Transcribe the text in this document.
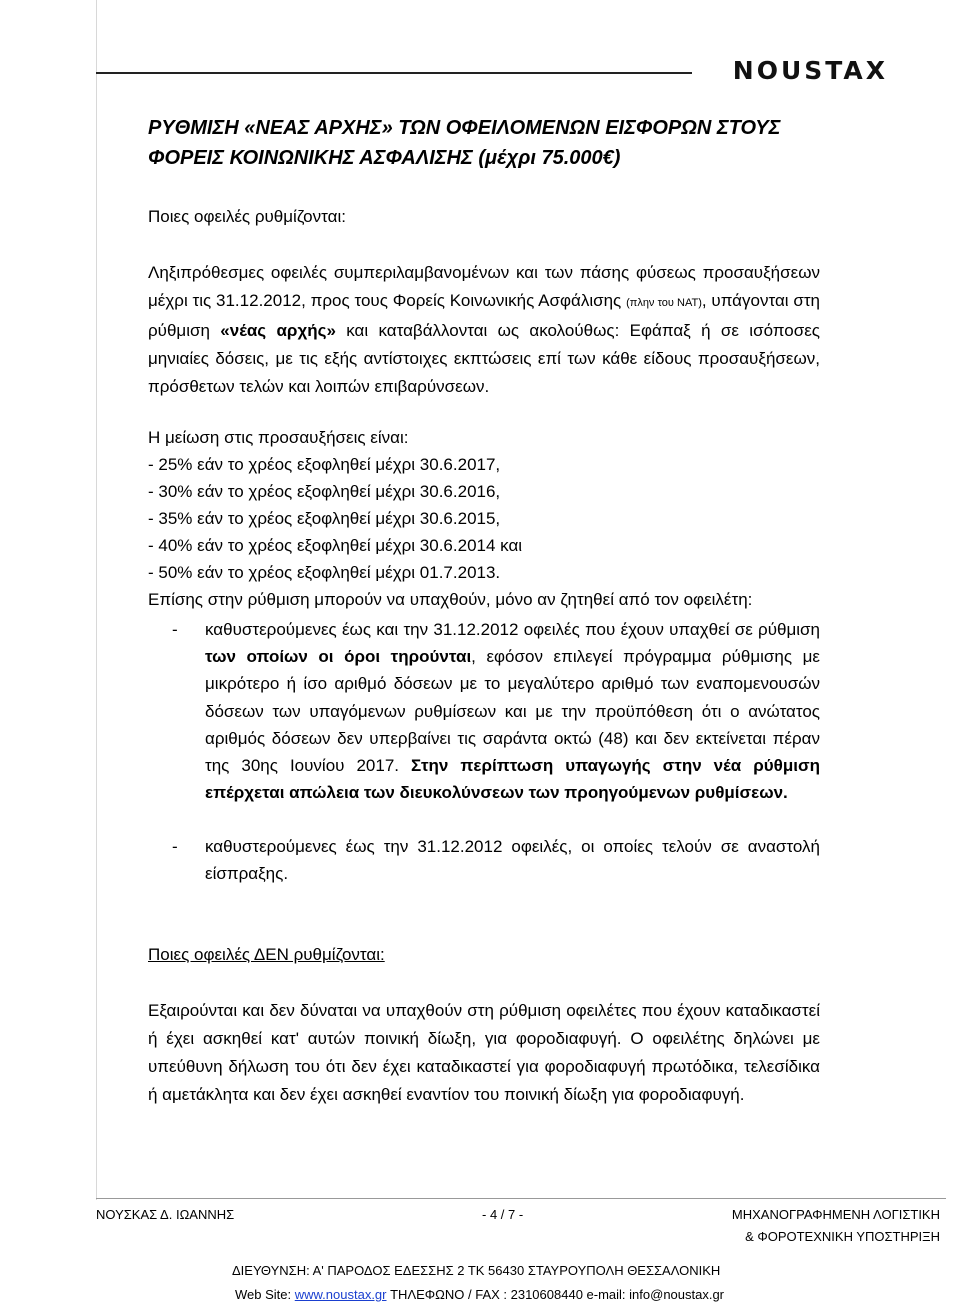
NOUSTAX
ΡΥΘΜΙΣΗ «ΝΕΑΣ ΑΡΧΗΣ» ΤΩΝ ΟΦΕΙΛΟΜΕΝΩΝ ΕΙΣΦΟΡΩΝ ΣΤΟΥΣ
ΦΟΡΕΙΣ ΚΟΙΝΩΝΙΚΗΣ ΑΣΦΑΛΙΣΗΣ (μέχρι 75.000€)
Ποιες οφειλές ρυθμίζονται:
Ληξιπρόθεσμες οφειλές συμπεριλαμβανομένων και των πάσης φύσεως προσαυξήσεων μέχρι τις 31.12.2012, προς τους Φορείς Κοινωνικής Ασφάλισης (πλην του ΝΑΤ), υπάγονται στη ρύθμιση «νέας αρχής» και καταβάλλονται ως ακολούθως: Εφάπαξ ή σε ισόποσες μηνιαίες δόσεις, με τις εξής αντίστοιχες εκπτώσεις επί των κάθε είδους προσαυξήσεων, πρόσθετων τελών και λοιπών επιβαρύνσεων.
Η μείωση στις προσαυξήσεις είναι:
- 25% εάν το χρέος εξοφληθεί μέχρι 30.6.2017,
- 30% εάν το χρέος εξοφληθεί μέχρι 30.6.2016,
- 35% εάν το χρέος εξοφληθεί μέχρι 30.6.2015,
- 40% εάν το χρέος εξοφληθεί μέχρι 30.6.2014 και
- 50% εάν το χρέος εξοφληθεί μέχρι 01.7.2013.
Επίσης στην ρύθμιση μπορούν να υπαχθούν, μόνο αν ζητηθεί από τον οφειλέτη:
- καθυστερούμενες έως και την 31.12.2012 οφειλές που έχουν υπαχθεί σε ρύθμιση των οποίων οι όροι τηρούνται, εφόσον επιλεγεί πρόγραμμα ρύθμισης με μικρότερο ή ίσο αριθμό δόσεων με το μεγαλύτερο αριθμό των εναπομενουσών δόσεων των υπαγόμενων ρυθμίσεων και με την προϋπόθεση ότι ο ανώτατος αριθμός δόσεων δεν υπερβαίνει τις σαράντα οκτώ (48) και δεν εκτείνεται πέραν της 30ης Ιουνίου 2017. Στην περίπτωση υπαγωγής στην νέα ρύθμιση επέρχεται απώλεια των διευκολύνσεων των προηγούμενων ρυθμίσεων.
- καθυστερούμενες έως την 31.12.2012 οφειλές, οι οποίες τελούν σε αναστολή είσπραξης.
Ποιες οφειλές ΔΕΝ ρυθμίζονται:
Εξαιρούνται και δεν δύναται να υπαχθούν στη ρύθμιση οφειλέτες που έχουν καταδικαστεί ή έχει ασκηθεί κατ' αυτών ποινική δίωξη, για φοροδιαφυγή. Ο οφειλέτης δηλώνει με υπεύθυνη δήλωση του ότι δεν έχει καταδικαστεί για φοροδιαφυγή πρωτόδικα, τελεσίδικα ή αμετάκλητα και δεν έχει ασκηθεί εναντίον του ποινική δίωξη για φοροδιαφυγή.
ΝΟΥΣΚΑΣ Δ. ΙΩΑΝΝΗΣ	- 4 / 7 -	ΜΗΧΑΝΟΓΡΑΦΗΜΕΝΗ ΛΟΓΙΣΤΙΚΗ
& ΦΟΡΟΤΕΧΝΙΚΗ ΥΠΟΣΤΗΡΙΞΗ
ΔΙΕΥΘΥΝΣΗ: Α' ΠΑΡΟΔΟΣ ΕΔΕΣΣΗΣ 2 ΤΚ 56430 ΣΤΑΥΡΟΥΠΟΛΗ ΘΕΣΣΑΛΟΝΙΚΗ
Web Site: www.noustax.gr ΤΗΛΕΦΩΝΟ / FAX : 2310608440 e-mail: info@noustax.gr
